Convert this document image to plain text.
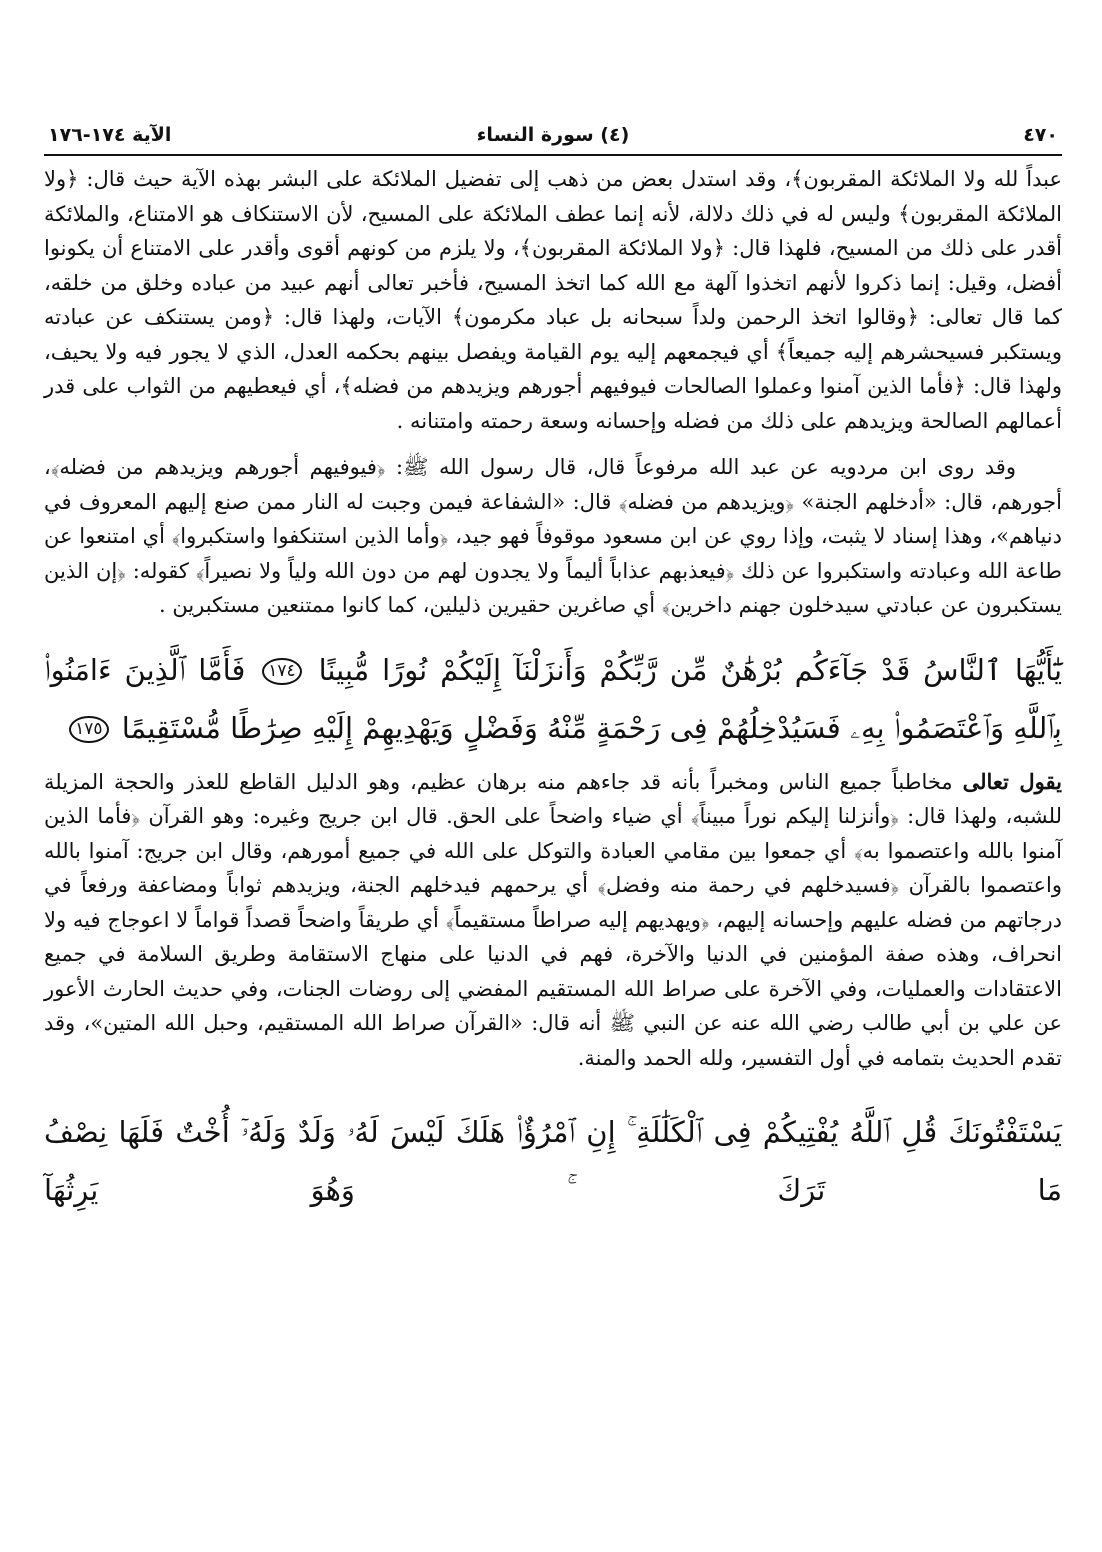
٤٧٠
(٤) سورة النساء
الآية ١٧٤-١٧٦

عبداً لله ولا الملائكة المقربون﴾، وقد استدل بعض من ذهب إلى تفضيل الملائكة على البشر بهذه الآية حيث قال: ﴿ولا الملائكة المقربون﴾ وليس له في ذلك دلالة، لأنه إنما عطف الملائكة على المسيح، لأن الاستنكاف هو الامتناع، والملائكة أقدر على ذلك من المسيح، فلهذا قال: ﴿ولا الملائكة المقربون﴾، ولا يلزم من كونهم أقوى وأقدر على الامتناع أن يكونوا أفضل، وقيل: إنما ذكروا لأنهم اتخذوا آلهة مع الله كما اتخذ المسيح، فأخبر تعالى أنهم عبيد من عباده وخلق من خلقه، كما قال تعالى: ﴿وقالوا اتخذ الرحمن ولداً سبحانه بل عباد مكرمون﴾ الآيات، ولهذا قال: ﴿ومن يستنكف عن عبادته ويستكبر فسيحشرهم إليه جميعاً﴾ أي فيجمعهم إليه يوم القيامة ويفصل بينهم بحكمه العدل، الذي لا يجور فيه ولا يحيف، ولهذا قال: ﴿فأما الذين آمنوا وعملوا الصالحات فيوفيهم أجورهم ويزيدهم من فضله﴾، أي فيعطيهم من الثواب على قدر أعمالهم الصالحة ويزيدهم على ذلك من فضله وإحسانه وسعة رحمته وامتنانه .

وقد روى ابن مردويه عن عبد الله مرفوعاً قال، قال رسول الله ﷺ: ﴿فيوفيهم أجورهم ويزيدهم من فضله﴾، أجورهم، قال: «أدخلهم الجنة» ﴿ويزيدهم من فضله﴾ قال: «الشفاعة فيمن وجبت له النار ممن صنع إليهم المعروف في دنياهم»، وهذا إسناد لا يثبت، وإذا روي عن ابن مسعود موقوفاً فهو جيد، ﴿وأما الذين استنكفوا واستكبروا﴾ أي امتنعوا عن طاعة الله وعبادته واستكبروا عن ذلك ﴿فيعذبهم عذاباً أليماً ولا يجدون لهم من دون الله ولياً ولا نصيراً﴾ كقوله: ﴿إن الذين يستكبرون عن عبادتي سيدخلون جهنم داخرين﴾ أي صاغرين حقيرين ذليلين، كما كانوا ممتنعين مستكبرين .

يَٰٓأَيُّهَا ٱلنَّاسُ قَدْ جَآءَكُم بُرْهَٰنٌ مِّن رَّبِّكُمْ وَأَنزَلْنَآ إِلَيْكُمْ نُورًا مُّبِينًا ١٧٤ فَأَمَّا ٱلَّذِينَ ءَامَنُوا۟ بِٱللَّهِ وَٱعْتَصَمُوا۟ بِهِۦ فَسَيُدْخِلُهُمْ فِى رَحْمَةٍ مِّنْهُ وَفَضْلٍ وَيَهْدِيهِمْ إِلَيْهِ صِرَٰطًا مُّسْتَقِيمًا ١٧٥

يقول تعالى مخاطباً جميع الناس ومخبراً بأنه قد جاءهم منه برهان عظيم، وهو الدليل القاطع للعذر والحجة المزيلة للشبه، ولهذا قال: ﴿وأنزلنا إليكم نوراً مبيناً﴾ أي ضياء واضحاً على الحق. قال ابن جريج وغيره: وهو القرآن ﴿فأما الذين آمنوا بالله واعتصموا به﴾ أي جمعوا بين مقامي العبادة والتوكل على الله في جميع أمورهم، وقال ابن جريج: آمنوا بالله واعتصموا بالقرآن ﴿فسيدخلهم في رحمة منه وفضل﴾ أي يرحمهم فيدخلهم الجنة، ويزيدهم ثواباً ومضاعفة ورفعاً في درجاتهم من فضله عليهم وإحسانه إليهم، ﴿ويهديهم إليه صراطاً مستقيماً﴾ أي طريقاً واضحاً قصداً قواماً لا اعوجاج فيه ولا انحراف، وهذه صفة المؤمنين في الدنيا والآخرة، فهم في الدنيا على منهاج الاستقامة وطريق السلامة في جميع الاعتقادات والعمليات، وفي الآخرة على صراط الله المستقيم المفضي إلى روضات الجنات، وفي حديث الحارث الأعور عن علي بن أبي طالب رضي الله عنه عن النبي ﷺ أنه قال: «القرآن صراط الله المستقيم، وحبل الله المتين»، وقد تقدم الحديث بتمامه في أول التفسير، ولله الحمد والمنة.

يَسْتَفْتُونَكَ قُلِ ٱللَّهُ يُفْتِيكُمْ فِى ٱلْكَلَٰلَةِ ۚ إِنِ ٱمْرُؤٌا۟ هَلَكَ لَيْسَ لَهُۥ وَلَدٌ وَلَهُۥٓ أُخْتٌ فَلَهَا نِصْفُ مَا تَرَكَ ۚ وَهُوَ يَرِثُهَآ
